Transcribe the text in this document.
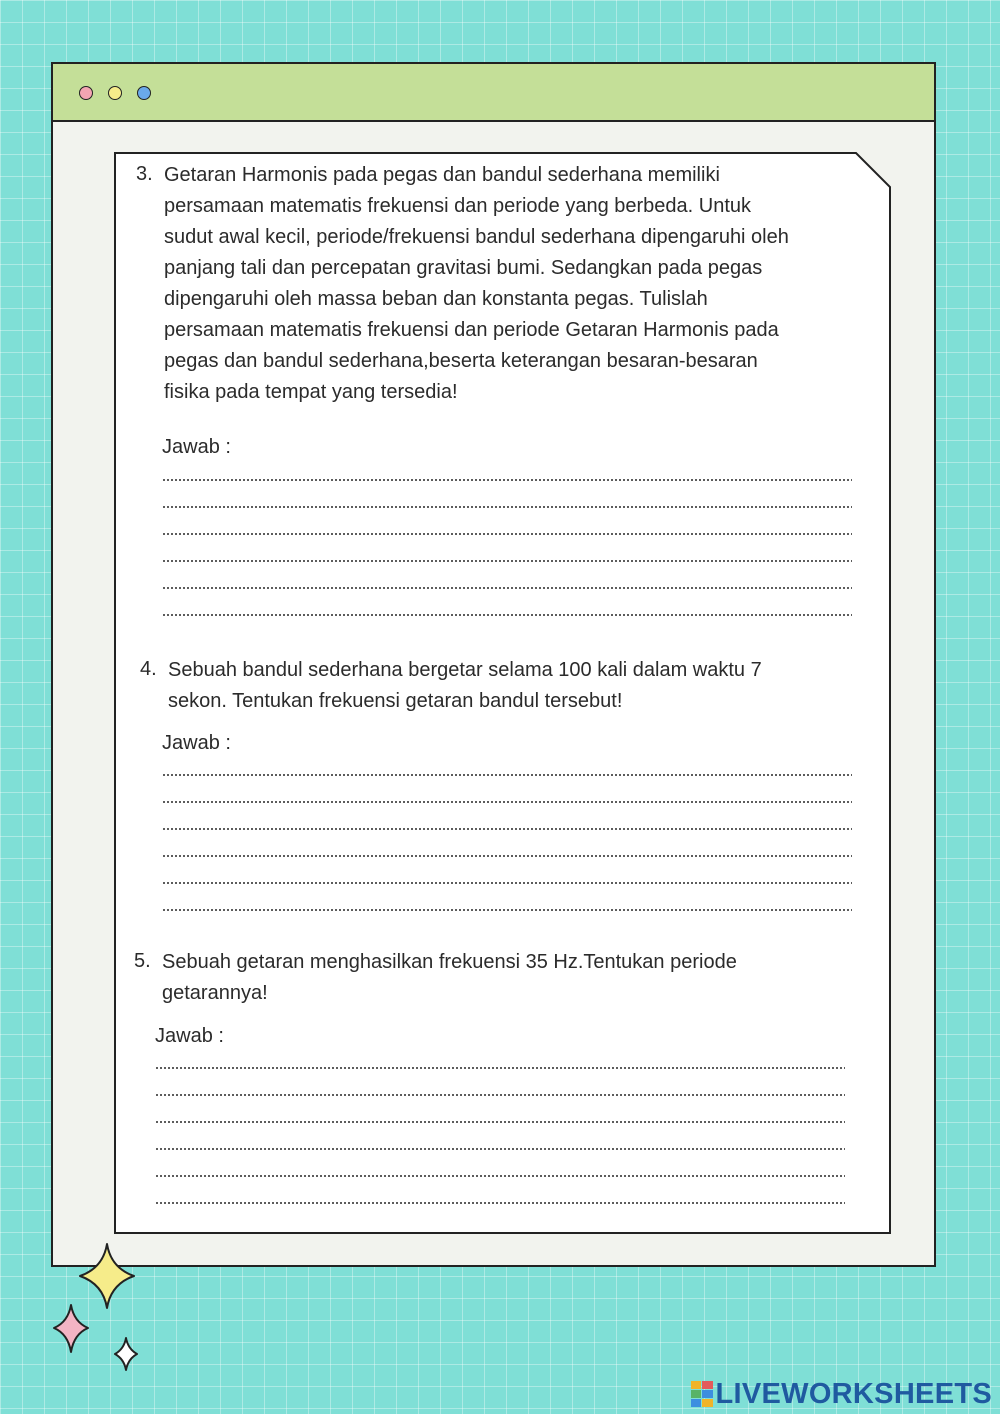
3. Getaran Harmonis pada pegas dan bandul sederhana memiliki
persamaan matematis frekuensi dan periode yang berbeda. Untuk
sudut awal kecil, periode/frekuensi bandul sederhana dipengaruhi oleh
panjang tali dan percepatan gravitasi bumi. Sedangkan pada pegas
dipengaruhi oleh massa beban dan konstanta pegas. Tulislah
persamaan matematis frekuensi dan periode Getaran Harmonis pada
pegas dan bandul sederhana,beserta keterangan besaran-besaran
fisika pada tempat yang tersedia!
Jawab :
4. Sebuah bandul sederhana bergetar selama 100 kali dalam waktu 7
sekon. Tentukan frekuensi getaran bandul tersebut!
Jawab :
5. Sebuah getaran menghasilkan frekuensi 35 Hz.Tentukan periode
getarannya!
Jawab :
LIVEWORKSHEETS
